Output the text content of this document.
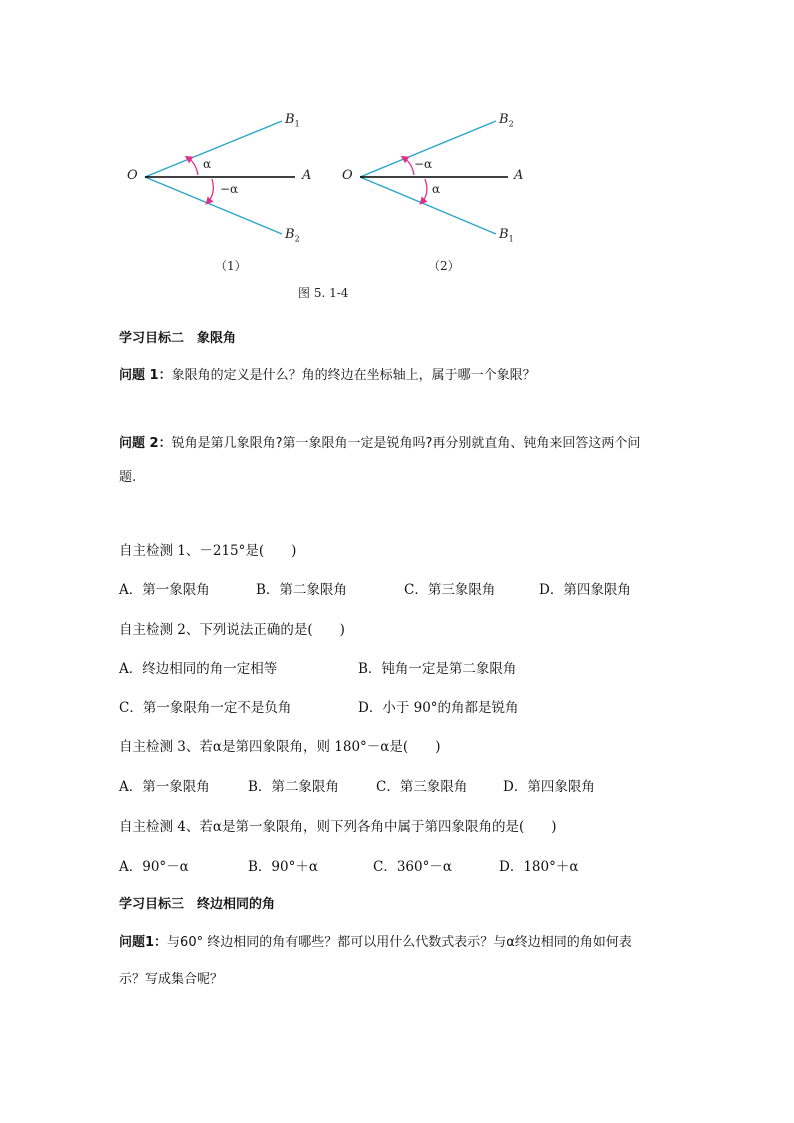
O	A
$B_1$
$B_2$
α
−α
（1）
O	A
$B_2$
$B_1$
−α
α
（2）
图 5. 1-4
学习目标二　象限角
问题 1：象限角的定义是什么？角的终边在坐标轴上，属于哪一个象限？
问题 2：锐角是第几象限角?第一象限角一定是锐角吗?再分别就直角、钝角来回答这两个问
题.
自主检测 1、－215°是(　　)
A．第一象限角	B．第二象限角	C．第三象限角	D．第四象限角
自主检测 2、下列说法正确的是(　　)
A．终边相同的角一定相等	B．钝角一定是第二象限角
C．第一象限角一定不是负角	D．小于 90°的角都是锐角
自主检测 3、若α是第四象限角，则 180°－α是(　　)
A．第一象限角	B．第二象限角	C．第三象限角	D．第四象限角
自主检测 4、若α是第一象限角，则下列各角中属于第四象限角的是(　　)
A．90°－α	B．90°＋α	C．360°－α	D．180°＋α
学习目标三　终边相同的角
问题1：与60° 终边相同的角有哪些？都可以用什么代数式表示？与α终边相同的角如何表
示？写成集合呢？
